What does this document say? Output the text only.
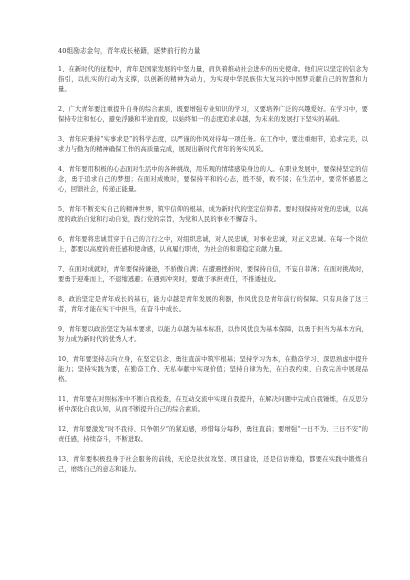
40组励志金句，青年成长秘籍，逐梦前行的力量

1、在新时代的征程中，青年是国家发展的中坚力量，肩负着推动社会进步的历史使命。他们应以坚定的信念为指引，以扎实的行动为支撑，以创新的精神为动力，为实现中华民族伟大复兴的中国梦贡献自己的智慧和力量。

2、广大青年要注重提升自身的综合素质，既要增强专业知识的学习，又要培养广泛的兴趣爱好。在学习中，要保持专注和恒心，避免浮躁和半途而废，以始终如一的态度追求卓越，为未来的发展打下坚实的基础。

3、青年应秉持“实事求是”的科学态度，以严谨的作风对待每一项任务。在工作中，要注重细节，追求完美，以求力与勤为的精神确保工作的高质量完成，展现出新时代青年的务实风采。

4、青年要用积极的心态面对生活中的各种挑战，用乐观的情绪感染身边的人。在职业发展中，要保持坚定的信念，勇于追求自己的梦想；在面对成败时，要保持平和的心态，胜不骄，败不馁；在生活中，要常怀感恩之心，回馈社会，传递正能量。

5、青年不断充实自己的精神世界，筑牢信仰的根基，成为新时代的坚定信仰者。要时刻保持对党的忠诚，以高度的政治自觉和行动自觉，践行党的宗旨，为党和人民的事业不懈奋斗。

6、青年要将忠诚贯穿于自己的言行之中，对组织忠诚，对人民忠诚，对事业忠诚，对正义忠诚。在每一个岗位上，都要以高度的责任感和使命感，认真履行职责，为社会的和谐稳定贡献力量。

7、在面对成就时，青年要保持谦逊，不骄傲自满；在遭遇挫折时，要保持自信，不妄自菲薄；在面对挑战时，要勇于迎难而上，不退缩逃避；在遇到冲突时，要敢于承担责任，不推诿扯皮。

8、政治坚定是青年成长的基石，能力卓越是青年发展的利器，作风优良是青年前行的保障。只有具备了这三者，青年才能在实干中担当，在奋斗中成长。

9、青年要以政治坚定为基本要求，以能力卓越为基本标准，以作风优良为基本保障，以勇于担当为基本方向，努力成为新时代的优秀人才。

10、青年要坚持志向立身，在坚定信念、勇往直前中筑牢根基；坚持学习为本，在勤奋学习、深思熟虑中提升能力；坚持实践为要，在勤奋工作、无私奉献中实现价值；坚持自律为先，在自我约束、自我完善中展现品格。

11、青年要在对照标准中不断自我检查，在互动交流中实现自我提升，在解决问题中完成自我锤炼，在反思分析中深化自我认知，从而不断提升自己的综合素质。

12、青年要激发“时不我待、只争朝夕”的紧迫感，珍惜每分每秒，勇往直前；要增强“一日不为、三日不安”的责任感，持续奋斗，不断进取。

13、青年要积极投身于社会服务的前线，无论是扶贫攻坚、项目建设，还是信访维稳，都要在实践中锻炼自己，磨练自己的意志和能力。
